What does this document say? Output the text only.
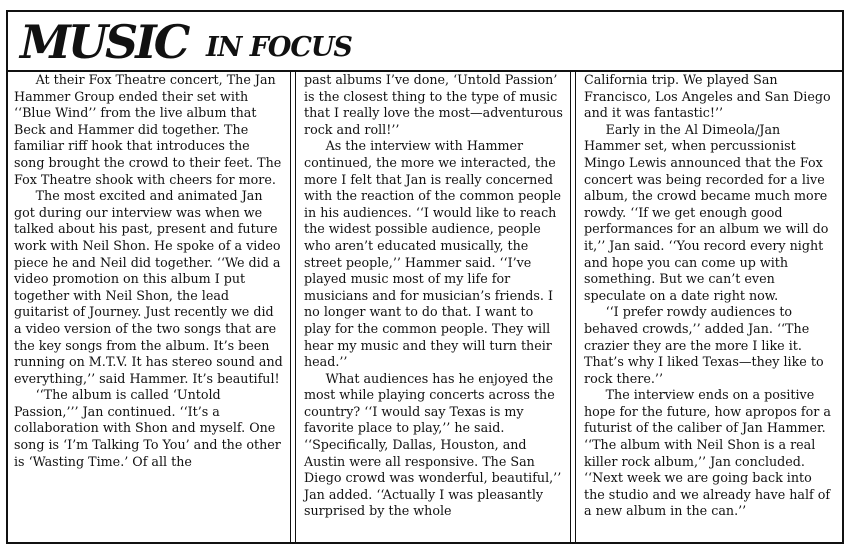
MUSIC IN FOCUS

At their Fox Theatre concert, The Jan Hammer Group ended their set with ‘‘Blue Wind’’ from the live album that Beck and Hammer did together. The familiar riff hook that introduces the song brought the crowd to their feet. The Fox Theatre shook with cheers for more.

The most excited and animated Jan got during our interview was when we talked about his past, present and future work with Neil Shon. He spoke of a video piece he and Neil did together. ‘‘We did a video promotion on this album I put together with Neil Shon, the lead guitarist of Journey. Just recently we did a video version of the two songs that are the key songs from the album. It’s been running on M.T.V. It has stereo sound and everything,’’ said Hammer. It’s beautiful!

‘‘The album is called ‘Untold Passion,’’’ Jan continued. ‘‘It’s a collaboration with Shon and myself. One song is ‘I’m Talking To You’ and the other is ‘Wasting Time.’ Of all the

past albums I’ve done, ‘Untold Passion’ is the closest thing to the type of music that I really love the most—adventurous rock and roll!’’

As the interview with Hammer continued, the more we interacted, the more I felt that Jan is really concerned with the reaction of the common people in his audiences. ‘‘I would like to reach the widest possible audience, people who aren’t educated musically, the street people,’’ Hammer said. ‘‘I’ve played music most of my life for musicians and for musician’s friends. I no longer want to do that. I want to play for the common people. They will hear my music and they will turn their head.’’

What audiences has he enjoyed the most while playing concerts across the country? ‘‘I would say Texas is my favorite place to play,’’ he said. ‘‘Specifically, Dallas, Houston, and Austin were all responsive. The San Diego crowd was wonderful, beautiful,’’ Jan added. ‘‘Actually I was pleasantly surprised by the whole

California trip. We played San Francisco, Los Angeles and San Diego and it was fantastic!’’

Early in the Al Dimeola/Jan Hammer set, when percussionist Mingo Lewis announced that the Fox concert was being recorded for a live album, the crowd became much more rowdy. ‘‘If we get enough good performances for an album we will do it,’’ Jan said. ‘‘You record every night and hope you can come up with something. But we can’t even speculate on a date right now.

‘‘I prefer rowdy audiences to behaved crowds,’’ added Jan. ‘‘The crazier they are the more I like it. That’s why I liked Texas—they like to rock there.’’

The interview ends on a positive hope for the future, how apropos for a futurist of the caliber of Jan Hammer. ‘‘The album with Neil Shon is a real killer rock album,’’ Jan concluded. ‘‘Next week we are going back into the studio and we already have half of a new album in the can.’’
